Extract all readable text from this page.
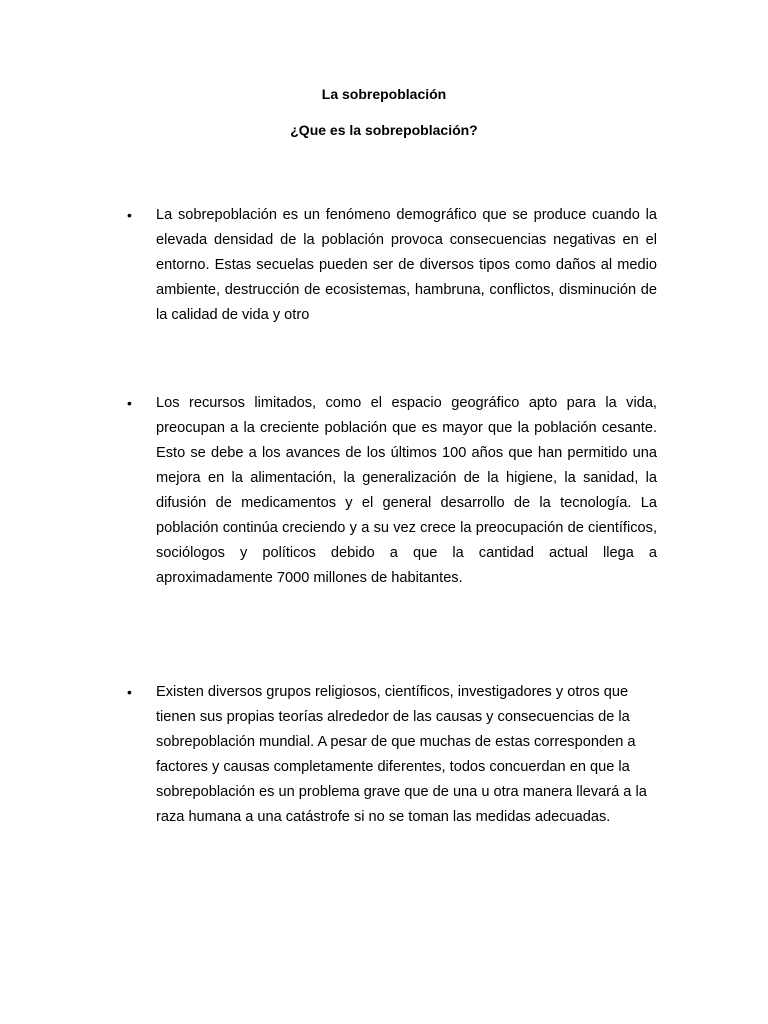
La sobrepoblación
¿Que es la sobrepoblación?
•	La sobrepoblación es un fenómeno demográfico que se produce cuando la elevada densidad de la población provoca consecuencias negativas en el entorno. Estas secuelas pueden ser de diversos tipos como daños al medio ambiente, destrucción de ecosistemas, hambruna, conflictos, disminución de la calidad de vida y otro
•	Los recursos limitados, como el espacio geográfico apto para la vida, preocupan a la creciente población que es mayor que la población cesante. Esto se debe a los avances de los últimos 100 años que han permitido una mejora en la alimentación, la generalización de la higiene, la sanidad, la difusión de medicamentos y el general desarrollo de la tecnología. La población continúa creciendo y a su vez crece la preocupación de científicos, sociólogos y políticos debido a que la cantidad actual llega a aproximadamente 7000 millones de habitantes.
•	Existen diversos grupos religiosos, científicos, investigadores y otros que tienen sus propias teorías alrededor de las causas y consecuencias de la sobrepoblación mundial. A pesar de que muchas de estas corresponden a factores y causas completamente diferentes, todos concuerdan en que la sobrepoblación es un problema grave que de una u otra manera llevará a la raza humana a una catástrofe si no se toman las medidas adecuadas.
